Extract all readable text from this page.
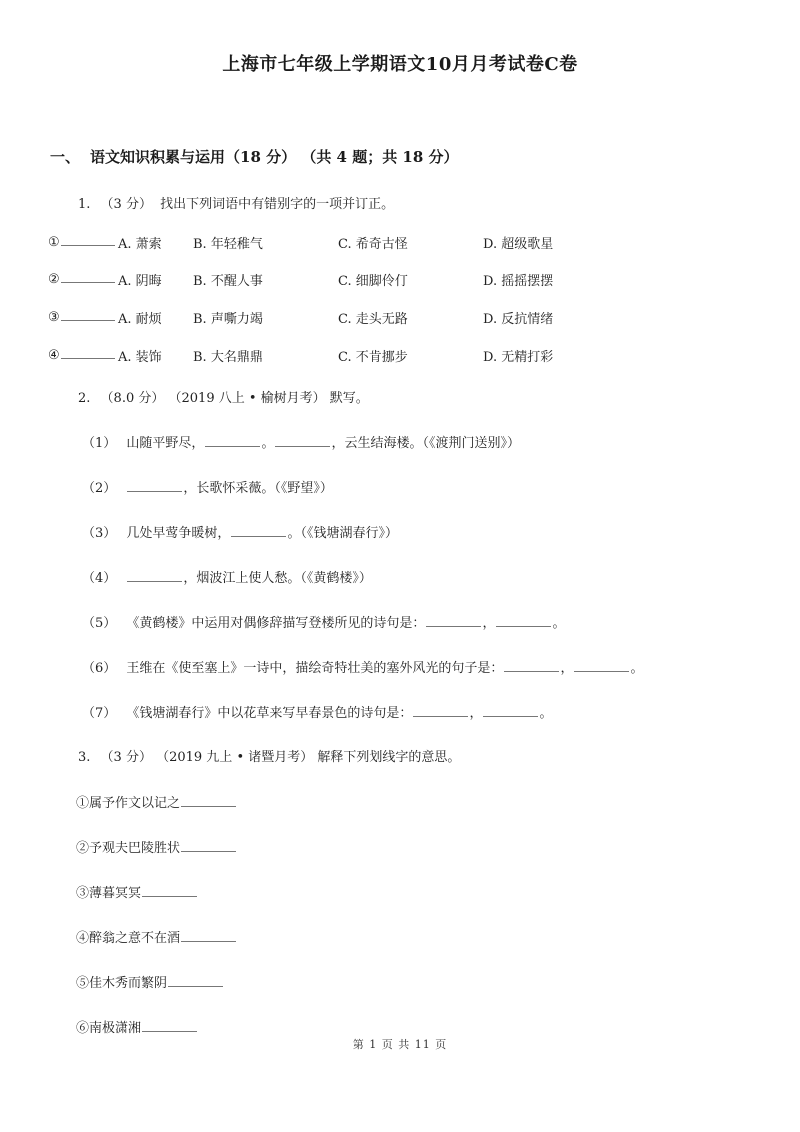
上海市七年级上学期语文10月月考试卷C卷
一、 语文知识积累与运用（18 分） （共 4 题；共 18 分）
1. （3 分） 找出下列词语中有错别字的一项并订正。
①	A. 萧索 B. 年轻稚气	C. 希奇古怪	D. 超级歌星
②	A. 阴晦 B. 不醒人事	C. 细脚伶仃	D. 摇摇摆摆
③	A. 耐烦 B. 声嘶力竭	C. 走头无路	D. 反抗情绪
④	A. 装饰 B. 大名鼎鼎	C. 不肯挪步	D. 无精打彩
2. （8.0 分） （2019 八上 • 榆树月考） 默写。
（1） 山随平野尽，	。	，云生结海楼。（《渡荆门送别》）
（2）	，长歌怀采薇。（《野望》）
（3） 几处早莺争暖树，	。（《钱塘湖春行》）
（4）	，烟波江上使人愁。（《黄鹤楼》）
（5） 《黄鹤楼》中运用对偶修辞描写登楼所见的诗句是：	，	。
（6） 王维在《使至塞上》一诗中，描绘奇特壮美的塞外风光的句子是：	，	。
（7） 《钱塘湖春行》中以花草来写早春景色的诗句是：	，	。
3. （3 分） （2019 九上 • 诸暨月考） 解释下列划线字的意思。
①属予作文以记之
②予观夫巴陵胜状
③薄暮冥冥
④醉翁之意不在酒
⑤佳木秀而繁阴
⑥南极潇湘
第 1 页 共 11 页
